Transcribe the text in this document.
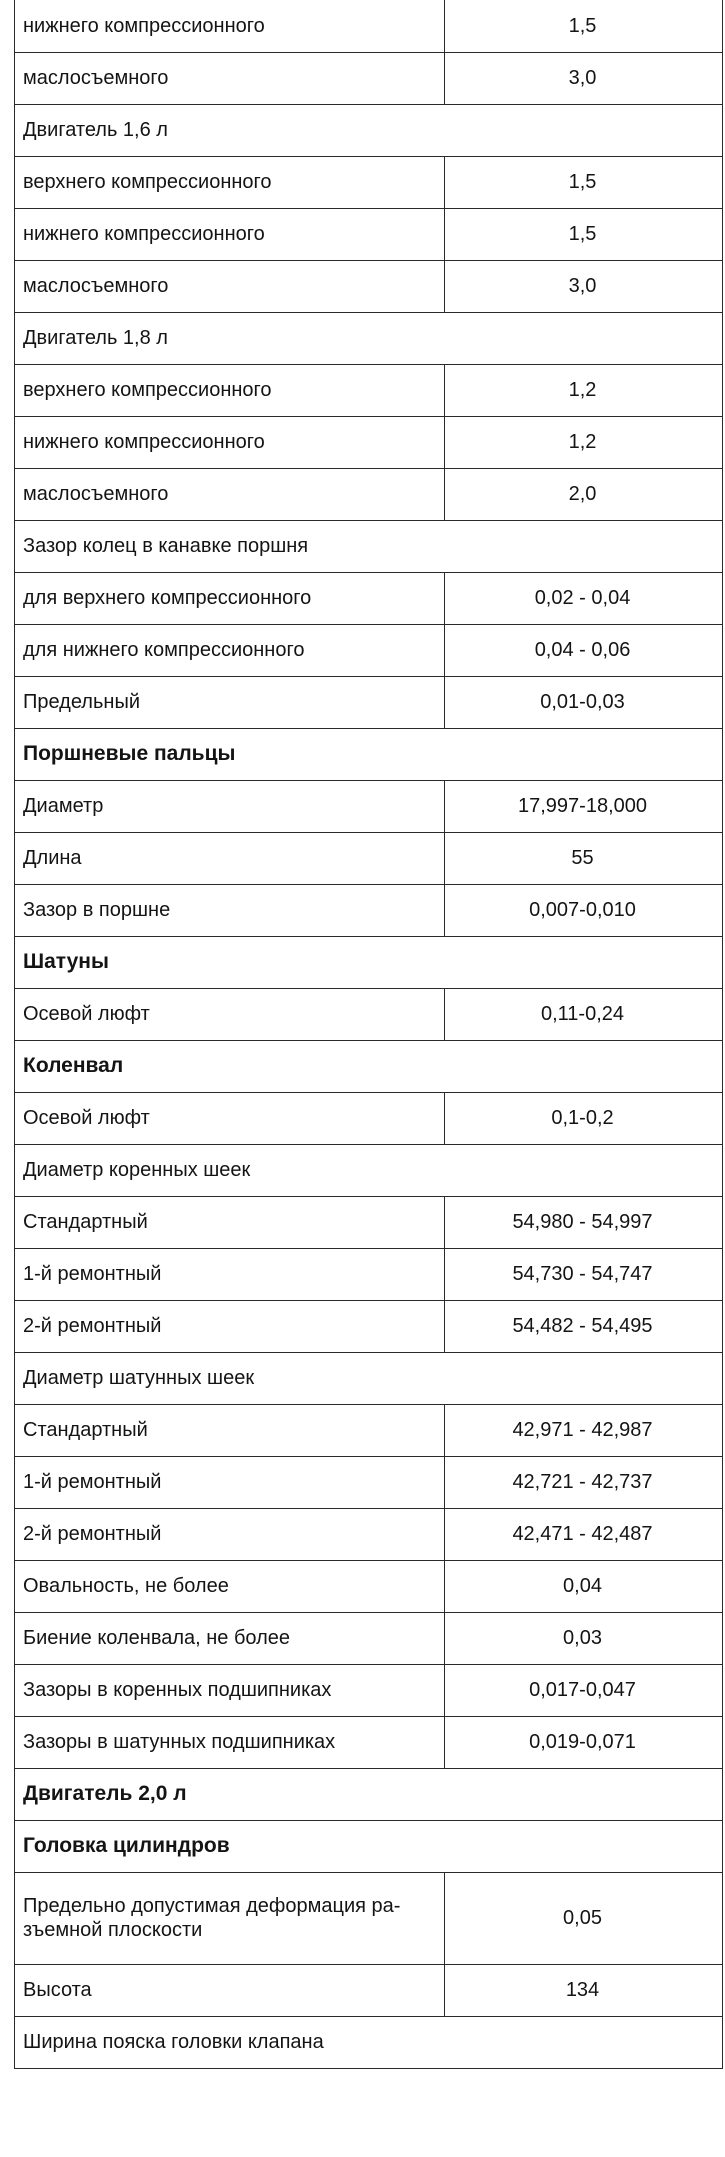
нижнего компрессионного	1,5
маслосъемного	3,0
Двигатель 1,6 л	
верхнего компрессионного	1,5
нижнего компрессионного	1,5
маслосъемного	3,0
Двигатель 1,8 л	
верхнего компрессионного	1,2
нижнего компрессионного	1,2
маслосъемного	2,0
Зазор колец в канавке поршня	
для верхнего компрессионного	0,02 - 0,04
для нижнего компрессионного	0,04 - 0,06
Предельный	0,01-0,03
Поршневые пальцы	
Диаметр	17,997-18,000
Длина	55
Зазор в поршне	0,007-0,010
Шатуны	
Осевой люфт	0,11-0,24
Коленвал	
Осевой люфт	0,1-0,2
Диаметр коренных шеек	
Стандартный	54,980 - 54,997
1-й ремонтный	54,730 - 54,747
2-й ремонтный	54,482 - 54,495
Диаметр шатунных шеек	
Стандартный	42,971 - 42,987
1-й ремонтный	42,721 - 42,737
2-й ремонтный	42,471 - 42,487
Овальность, не более	0,04
Биение коленвала, не более	0,03
Зазоры в коренных подшипниках	0,017-0,047
Зазоры в шатунных подшипниках	0,019-0,071
Двигатель 2,0 л	
Головка цилиндров	

Предельно допустимая деформация ра-
зъемной плоскости	0,05
Высота	134
Ширина пояска головки клапана	
